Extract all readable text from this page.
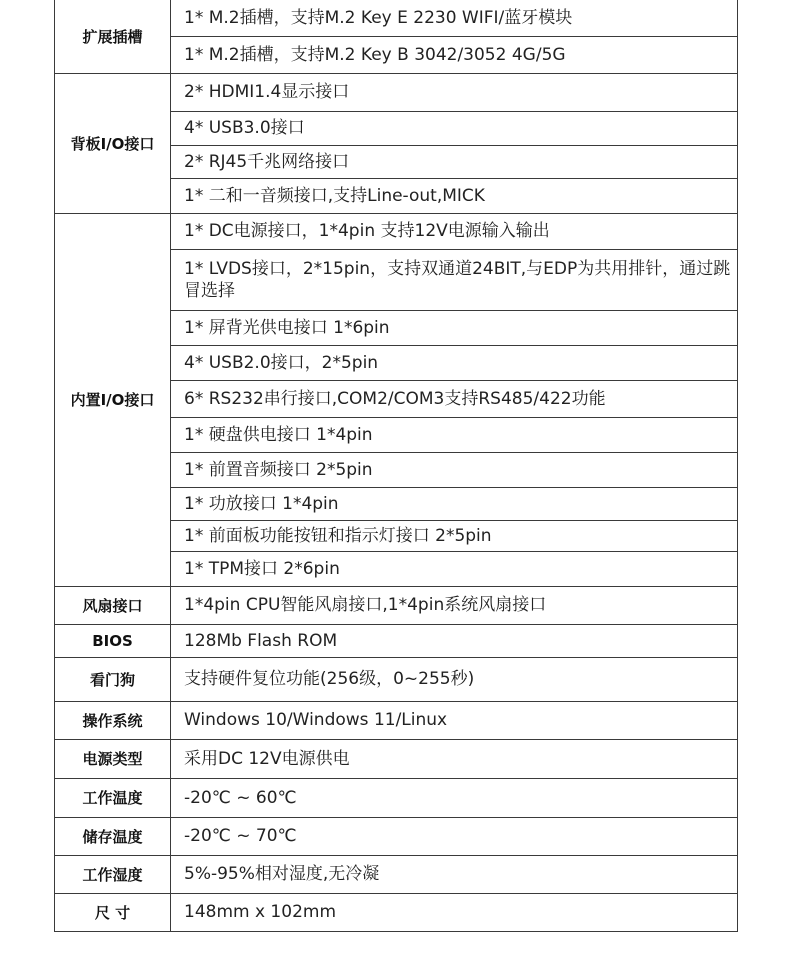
扩展插槽	1* M.2插槽，支持M.2 Key E 2230 WIFI/蓝牙模块
	1* M.2插槽，支持M.2 Key B 3042/3052 4G/5G
背板I/O接口	2* HDMI1.4显示接口
	4* USB3.0接口
	2* RJ45千兆网络接口
	1* 二和一音频接口,支持Line-out,MICK
内置I/O接口	1* DC电源接口，1*4pin 支持12V电源输入输出
	1* LVDS接口，2*15pin，支持双通道24BIT,与EDP为共用排针，通过跳冒选择
	1* 屏背光供电接口 1*6pin
	4* USB2.0接口，2*5pin
	6* RS232串行接口,COM2/COM3支持RS485/422功能
	1* 硬盘供电接口 1*4pin
	1* 前置音频接口 2*5pin
	1* 功放接口 1*4pin
	1* 前面板功能按钮和指示灯接口 2*5pin
	1* TPM接口 2*6pin
风扇接口	1*4pin CPU智能风扇接口,1*4pin系统风扇接口
BIOS	128Mb Flash ROM
看门狗	支持硬件复位功能(256级，0~255秒)
操作系统	Windows 10/Windows 11/Linux
电源类型	采用DC 12V电源供电
工作温度	-20℃ ~ 60℃
储存温度	-20℃ ~ 70℃
工作湿度	5%-95%相对湿度,无冷凝
尺 寸	148mm x 102mm
